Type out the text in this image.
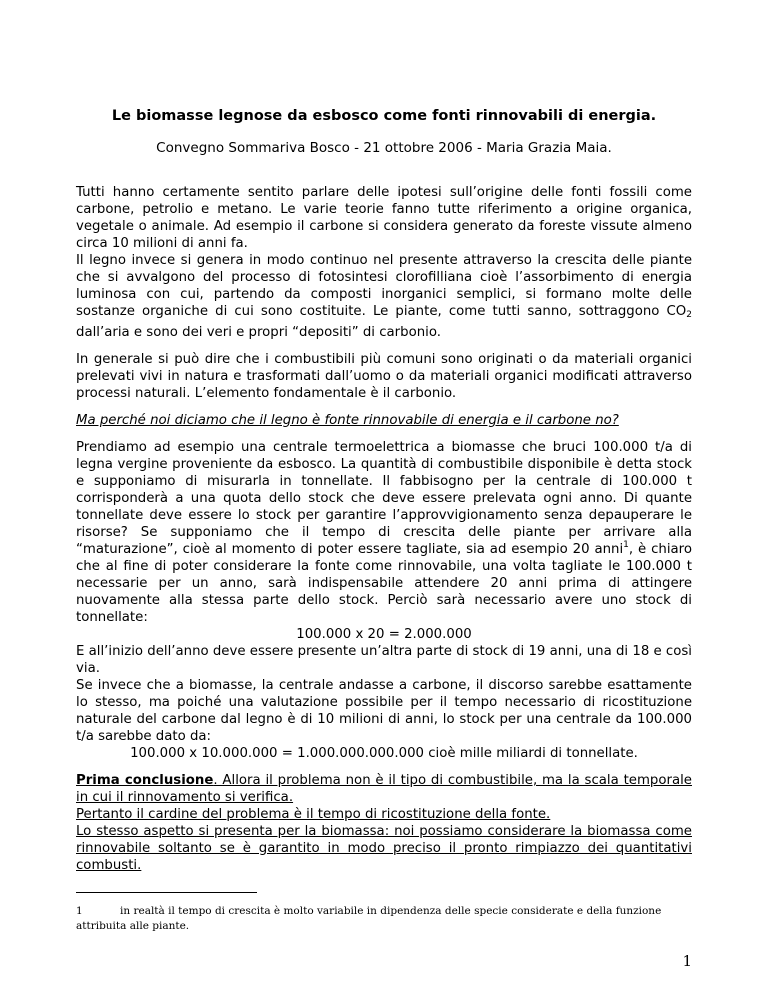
Le biomasse legnose da esbosco come fonti rinnovabili di energia.
Convegno Sommariva Bosco - 21 ottobre 2006 - Maria Grazia Maia.

Tutti hanno certamente sentito parlare delle ipotesi sull’origine delle fonti fossili come carbone, petrolio e metano. Le varie teorie fanno tutte riferimento a origine organica, vegetale o animale. Ad esempio il carbone si considera generato da foreste vissute almeno circa 10 milioni di anni fa.

Il legno invece si genera in modo continuo nel presente attraverso la crescita delle piante che si avvalgono del processo di fotosintesi clorofilliana cioè l’assorbimento di energia luminosa con cui, partendo da composti inorganici semplici, si formano molte delle sostanze organiche di cui sono costituite. Le piante, come tutti sanno, sottraggono $CO_2$ dall’aria e sono dei veri e propri “depositi” di carbonio.

In generale si può dire che i combustibili più comuni sono originati o da materiali organici prelevati vivi in natura e trasformati dall’uomo o da materiali organici modificati attraverso processi naturali. L’elemento fondamentale è il carbonio.

Ma perché noi diciamo che il legno è fonte rinnovabile di energia e il carbone no?

Prendiamo ad esempio una centrale termoelettrica a biomasse che bruci 100.000 t/a di legna vergine proveniente da esbosco. La quantità di combustibile disponibile è detta stock e supponiamo di misurarla in tonnellate. Il fabbisogno per la centrale di 100.000 t corrisponderà a una quota dello stock che deve essere prelevata ogni anno. Di quante tonnellate deve essere lo stock per garantire l’approvvigionamento senza depauperare le risorse? Se supponiamo che il tempo di crescita delle piante per arrivare alla “maturazione”, cioè al momento di poter essere tagliate, sia ad esempio 20 anni$^1$, è chiaro che al fine di poter considerare la fonte come rinnovabile, una volta tagliate le 100.000 t necessarie per un anno, sarà indispensabile attendere 20 anni prima di attingere nuovamente alla stessa parte dello stock. Perciò sarà necessario avere uno stock di tonnellate:

100.000 x 20 = 2.000.000

E all’inizio dell’anno deve essere presente un’altra parte di stock di 19 anni, una di 18 e così via.

Se invece che a biomasse, la centrale andasse a carbone, il discorso sarebbe esattamente lo stesso, ma poiché una valutazione possibile per il tempo necessario di ricostituzione naturale del carbone dal legno è di 10 milioni di anni, lo stock per una centrale da 100.000 t/a sarebbe dato da:

100.000 x 10.000.000 = 1.000.000.000.000 cioè mille miliardi di tonnellate.

Prima conclusione. Allora il problema non è il tipo di combustibile, ma la scala temporale in cui il rinnovamento si verifica.

Pertanto il cardine del problema è il tempo di ricostituzione della fonte.

Lo stesso aspetto si presenta per la biomassa: noi possiamo considerare la biomassa come rinnovabile soltanto se è garantito in modo preciso il pronto rimpiazzo dei quantitativi combusti.

1	in realtà il tempo di crescita è molto variabile in dipendenza delle specie considerate e della funzione attribuita alle piante.
1
